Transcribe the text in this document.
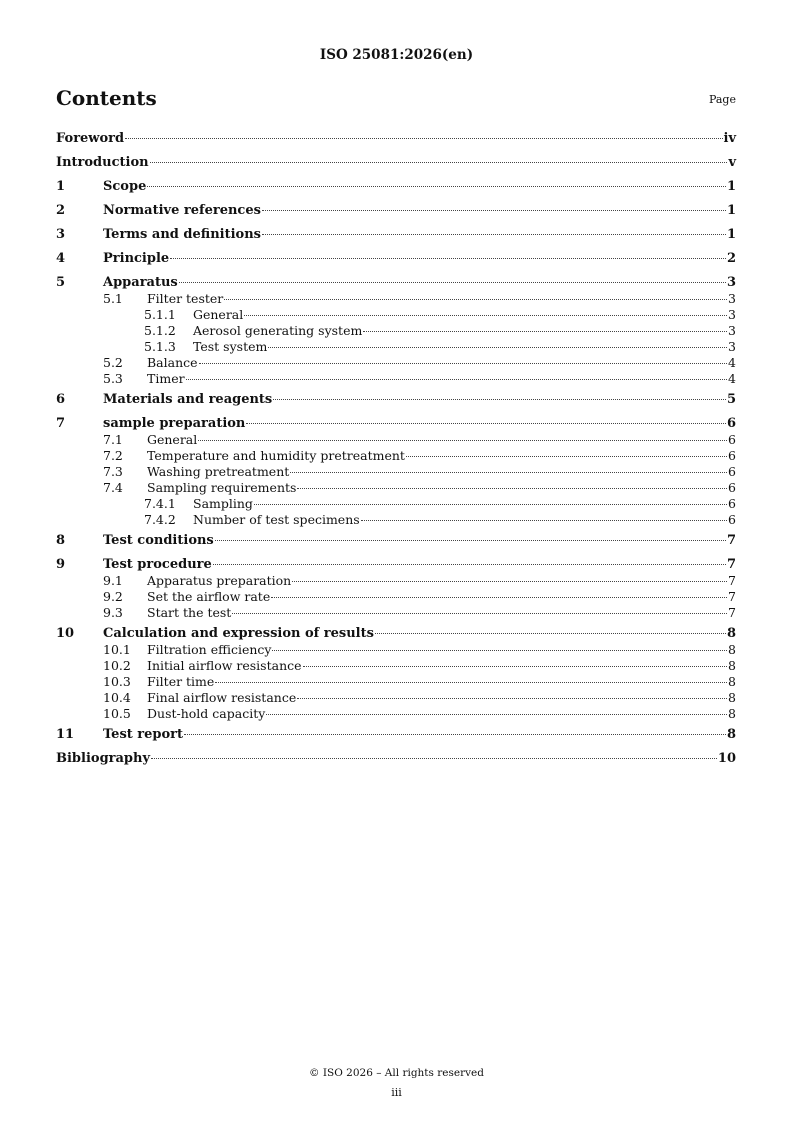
ISO 25081:2026(en)
Contents	Page
Foreword	iv
Introduction	v
1	Scope	1
2	Normative references	1
3	Terms and definitions	1
4	Principle	2
5	Apparatus	3
5.1	Filter tester	3
5.1.1	General	3
5.1.2	Aerosol generating system	3
5.1.3	Test system	3
5.2	Balance	4
5.3	Timer	4
6	Materials and reagents	5
7	sample preparation	6
7.1	General	6
7.2	Temperature and humidity pretreatment	6
7.3	Washing pretreatment	6
7.4	Sampling requirements	6
7.4.1	Sampling	6
7.4.2	Number of test specimens	6
8	Test conditions	7
9	Test procedure	7
9.1	Apparatus preparation	7
9.2	Set the airflow rate	7
9.3	Start the test	7
10	Calculation and expression of results	8
10.1	Filtration efficiency	8
10.2	Initial airflow resistance	8
10.3	Filter time	8
10.4	Final airflow resistance	8
10.5	Dust-hold capacity	8
11	Test report	8
Bibliography	10
© ISO 2026 – All rights reserved
iii
